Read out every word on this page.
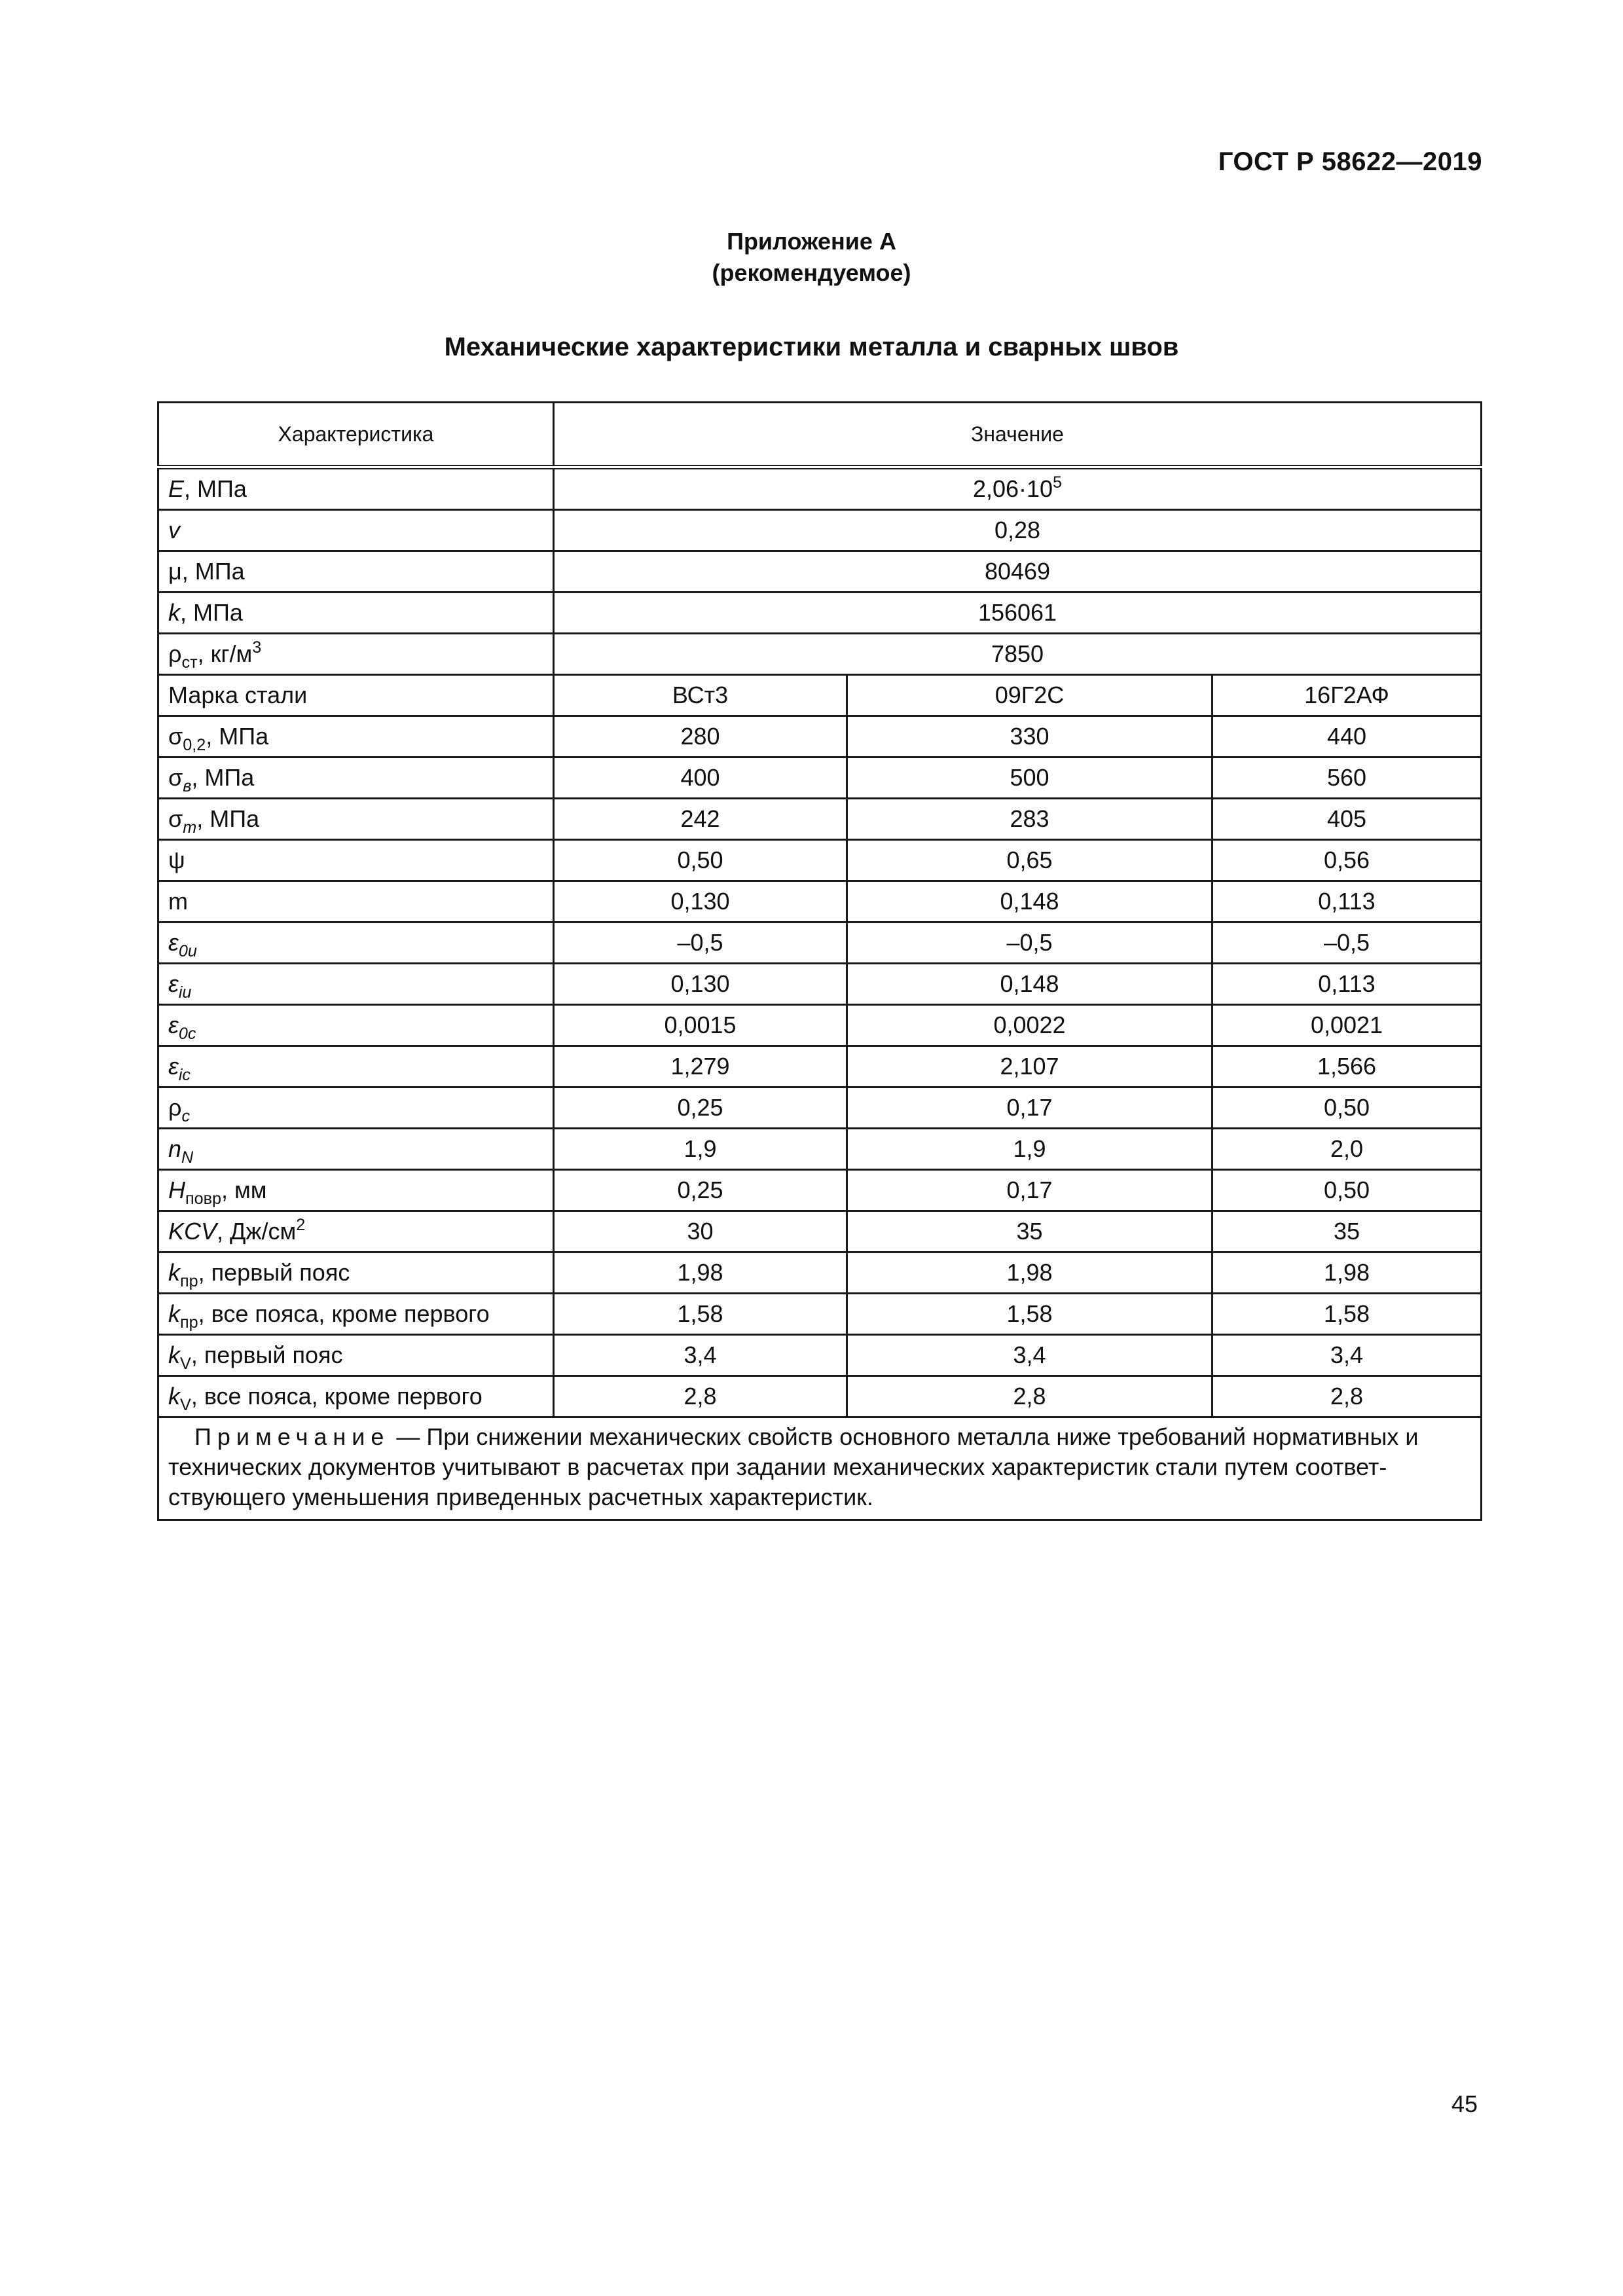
ГОСТ Р 58622—2019
Приложение А
(рекомендуемое)
Механические характеристики металла и сварных швов
Характеристика	Значение		
E, МПа	$2,06\cdot 10^5$
v	0,28		
μ, МПа	80469		
k, МПа	156061		
$\rho_{ст}$, $кг/м^3$	7850		
Марка стали	ВСт3	09Г2С	16Г2АФ
$\sigma_{0,2}$, МПа	280	330	440
$\sigma_в$, МПа	400	500	560
$\sigma_m$, МПа	242	283	405
ψ	0,50	0,65	0,56
m	0,130	0,148	0,113
$\varepsilon_{0u}$	–0,5	–0,5	–0,5
$\varepsilon_{iu}$	0,130	0,148	0,113
$\varepsilon_{0c}$	0,0015	0,0022	0,0021
$\varepsilon_{ic}$	1,279	2,107	1,566
$\rho_c$	0,25	0,17	0,50
$n_N$	1,9	1,9	2,0
$H_{повр}$, мм	0,25	0,17	0,50
KCV, $Дж/см^2$	30	35	35
$k_{пр}$, первый пояс	1,98	1,98	1,98
$k_{пр}$, все пояса, кроме первого	1,58	1,58	1,58
$k_V$, первый пояс	3,4	3,4	3,4
$k_V$, все пояса, кроме первого	2,8	2,8	2,8
Примечание — При снижении механических свойств основного металла ниже требований нормативных и технических документов учитывают в расчетах при задании механических характеристик стали путем соответствующего уменьшения приведенных расчетных характеристик.			
45
